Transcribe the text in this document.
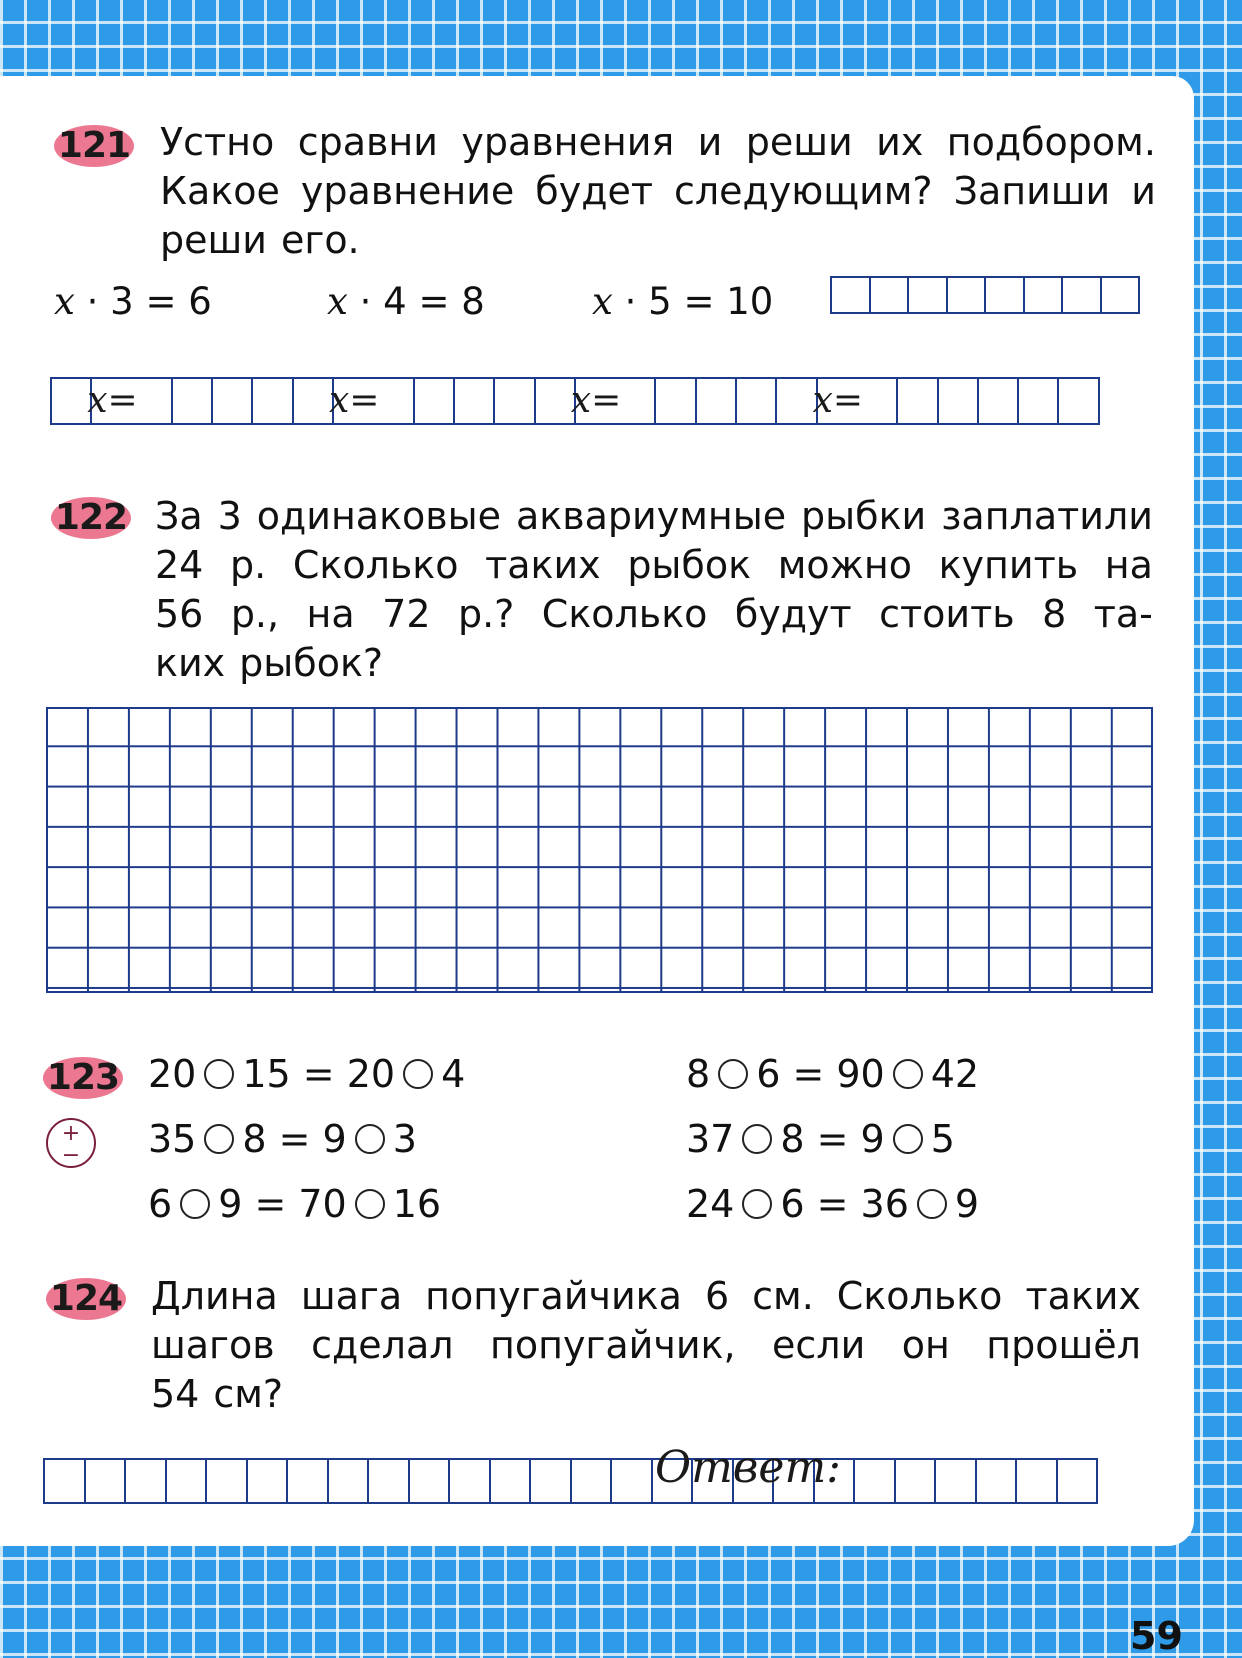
121 Устно сравни уравнения и реши их подбором.
Какое уравнение будет следующим? Запиши и
реши его.
x · 3 = 6	x · 4 = 8	x · 5 = 10
x=	x=	x=	x=
122 За 3 одинаковые аквариумные рыбки заплатили
24 р. Сколько таких рыбок можно купить на
56 р., на 72 р.? Сколько будут стоить 8 та-
ких рыбок?
123
+
−
20 15 = 20 4
35 8 = 9 3
6 9 = 70 16
8 6 = 90 42
37 8 = 9 5
24 6 = 36 9
124 Длина шага попугайчика 6 см. Сколько таких
шагов сделал попугайчик, если он прошёл
54 см?
Ответ:
59
